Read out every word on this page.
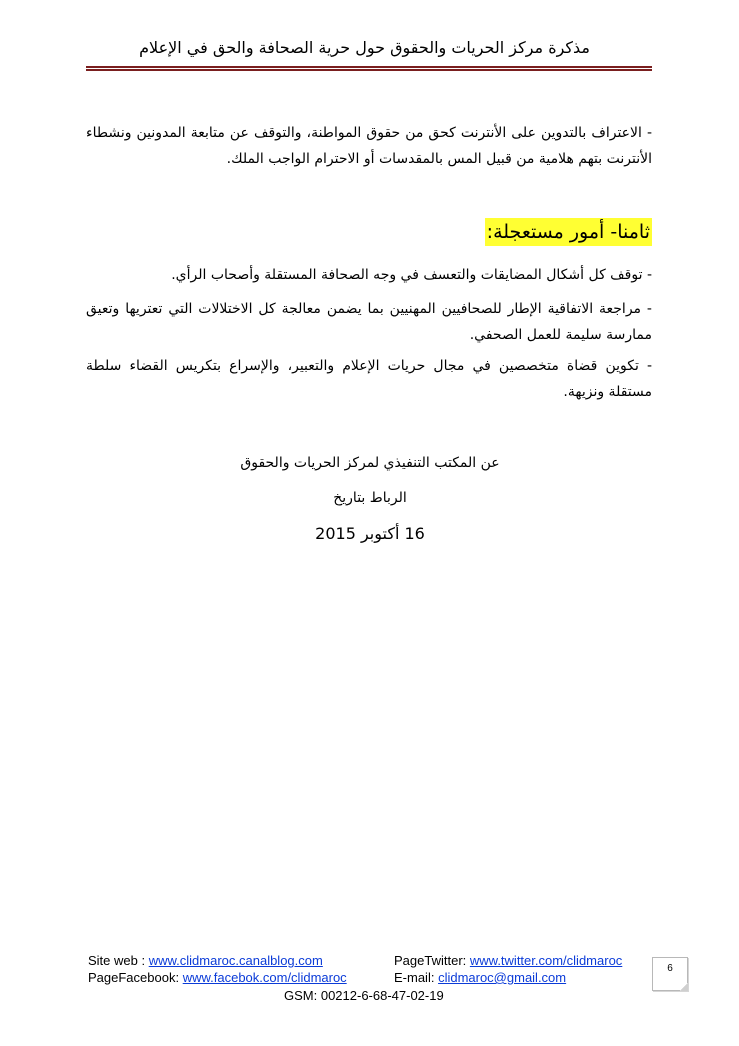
مذكرة مركز الحريات والحقوق حول حرية الصحافة والحق في الإعلام

- الاعتراف بالتدوين على الأنترنت كحق من حقوق المواطنة، والتوقف عن متابعة المدونين ونشطاء الأنترنت بتهم هلامية من قبيل المس بالمقدسات أو الاحترام الواجب الملك.

ثامنا- أمور مستعجلة:

- توقف كل أشكال المضايقات والتعسف في وجه الصحافة المستقلة وأصحاب الرأي.

- مراجعة الاتفاقية الإطار للصحافيين المهنيين بما يضمن معالجة كل الاختلالات التي تعتريها وتعيق ممارسة سليمة للعمل الصحفي.

- تكوين قضاة متخصصين في مجال حريات الإعلام والتعبير، والإسراع بتكريس القضاء سلطة مستقلة ونزيهة.

عن المكتب التنفيذي لمركز الحريات والحقوق
الرباط بتاريخ
16 أكتوبر 2015
Site web : www.clidmaroc.canalblog.com	PageTwitter: www.twitter.com/clidmaroc
PageFacebook: www.facebok.com/clidmaroc	E-mail: clidmaroc@gmail.com
GSM: 00212-6-68-47-02-19
6
